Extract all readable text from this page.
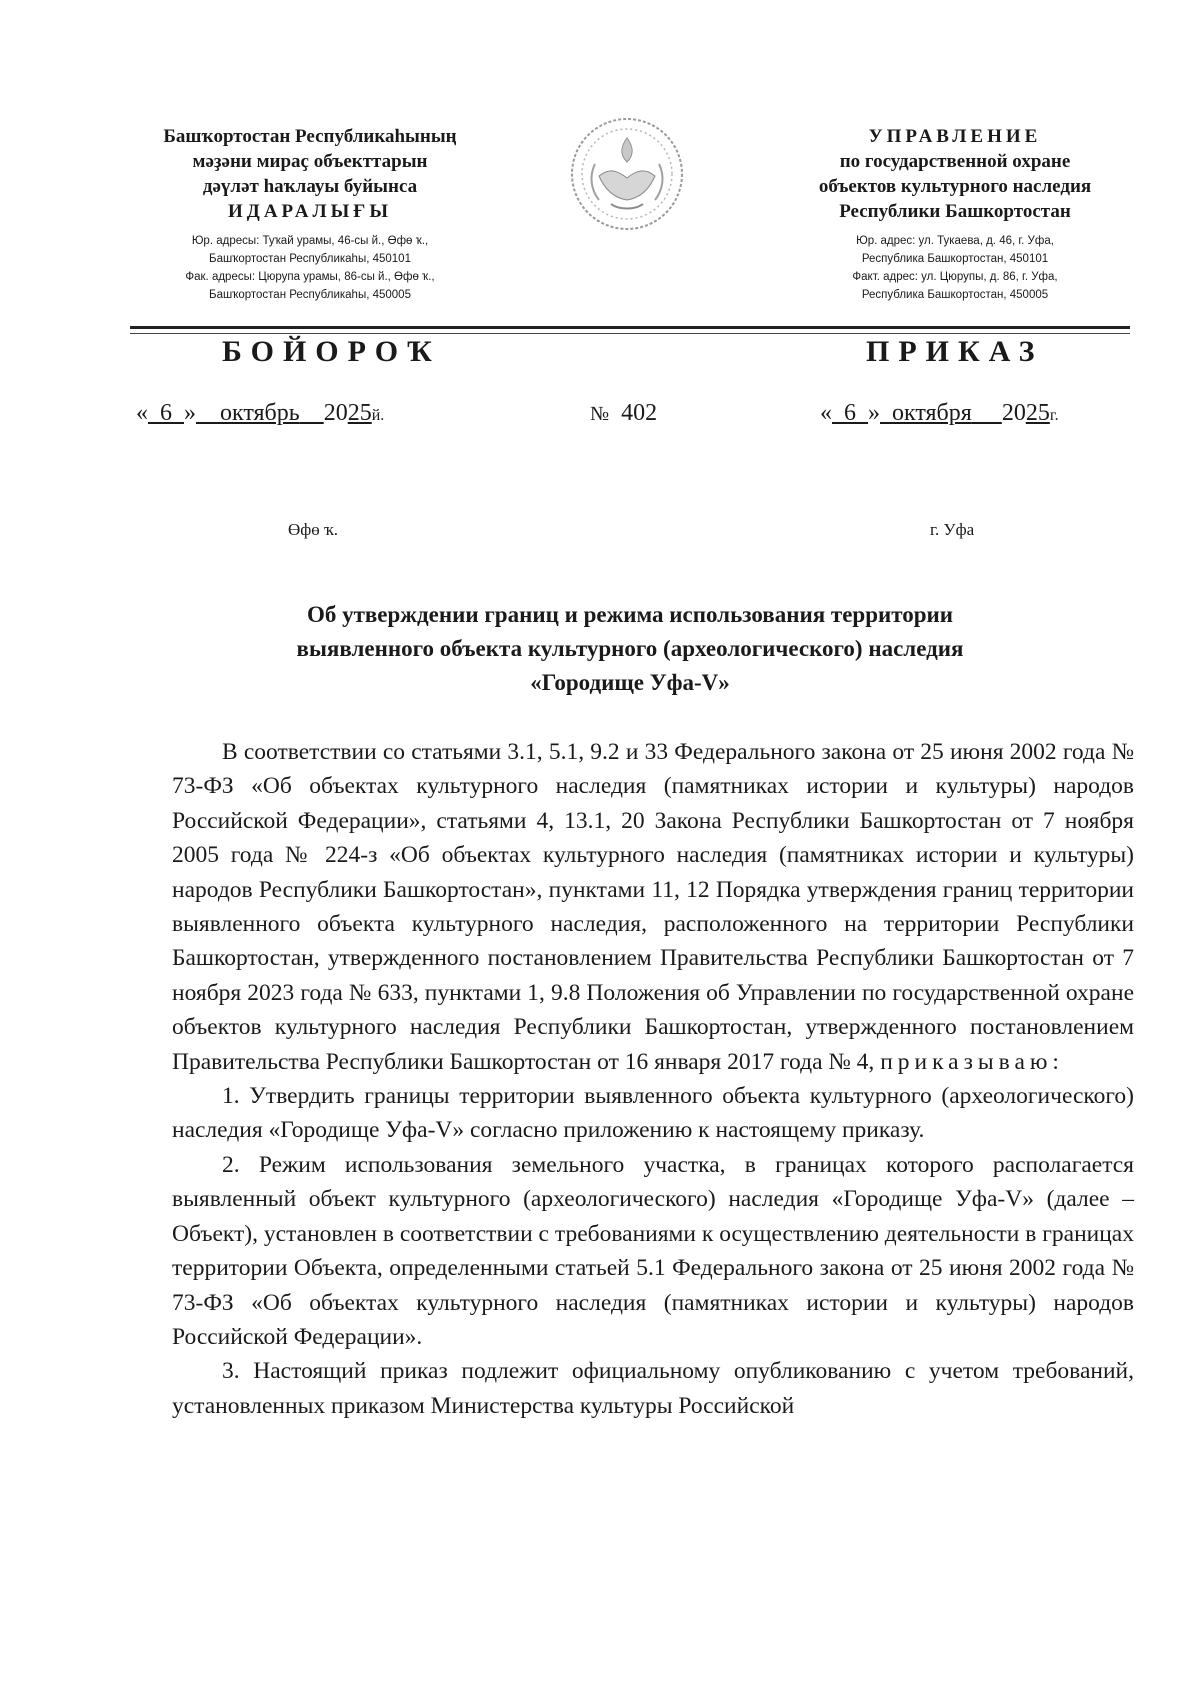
Башҡортостан Республикаһының
мәҙәни мираҫ объекттарын
дәүләт һаҡлауы буйынса
ИДАРАЛЫҒЫ
Юр. адресы: Туҡай урамы, 46-сы й., Өфө ҡ.,
Башҡортостан Республикаһы, 450101
Фак. адресы: Цюрупа урамы, 86-сы й., Өфө ҡ.,
Башҡортостан Республикаһы, 450005
УПРАВЛЕНИЕ
по государственной охране
объектов культурного наследия
Республики Башкортостан
Юр. адрес: ул. Тукаева, д. 46, г. Уфа,
Республика Башкортостан, 450101
Факт. адрес: ул. Цюрупы, д. 86, г. Уфа,
Республика Башкортостан, 450005
БОЙОРОҠ	ПРИКАЗ
« 6 » октябрь 2025й.	№ 402	« 6 » октября 2025г.
Өфө ҡ.	г. Уфа
Об утверждении границ и режима использования территории
выявленного объекта культурного (археологического) наследия
«Городище Уфа-V»

В соответствии со статьями 3.1, 5.1, 9.2 и 33 Федерального закона от 25 июня 2002 года № 73-ФЗ «Об объектах культурного наследия (памятниках истории и культуры) народов Российской Федерации», статьями 4, 13.1, 20 Закона Республики Башкортостан от 7 ноября 2005 года № 224-з «Об объектах культурного наследия (памятниках истории и культуры) народов Республики Башкортостан», пунктами 11, 12 Порядка утверждения границ территории выявленного объекта культурного наследия, расположенного на территории Республики Башкортостан, утвержденного постановлением Правительства Республики Башкортостан от 7 ноября 2023 года № 633, пунктами 1, 9.8 Положения об Управлении по государственной охране объектов культурного наследия Республики Башкортостан, утвержденного постановлением Правительства Республики Башкортостан от 16 января 2017 года № 4, приказываю:

1. Утвердить границы территории выявленного объекта культурного (археологического) наследия «Городище Уфа-V» согласно приложению к настоящему приказу.

2. Режим использования земельного участка, в границах которого располагается выявленный объект культурного (археологического) наследия «Городище Уфа-V» (далее – Объект), установлен в соответствии с требованиями к осуществлению деятельности в границах территории Объекта, определенными статьей 5.1 Федерального закона от 25 июня 2002 года № 73-ФЗ «Об объектах культурного наследия (памятниках истории и культуры) народов Российской Федерации».

3. Настоящий приказ подлежит официальному опубликованию с учетом требований, установленных приказом Министерства культуры Российской
